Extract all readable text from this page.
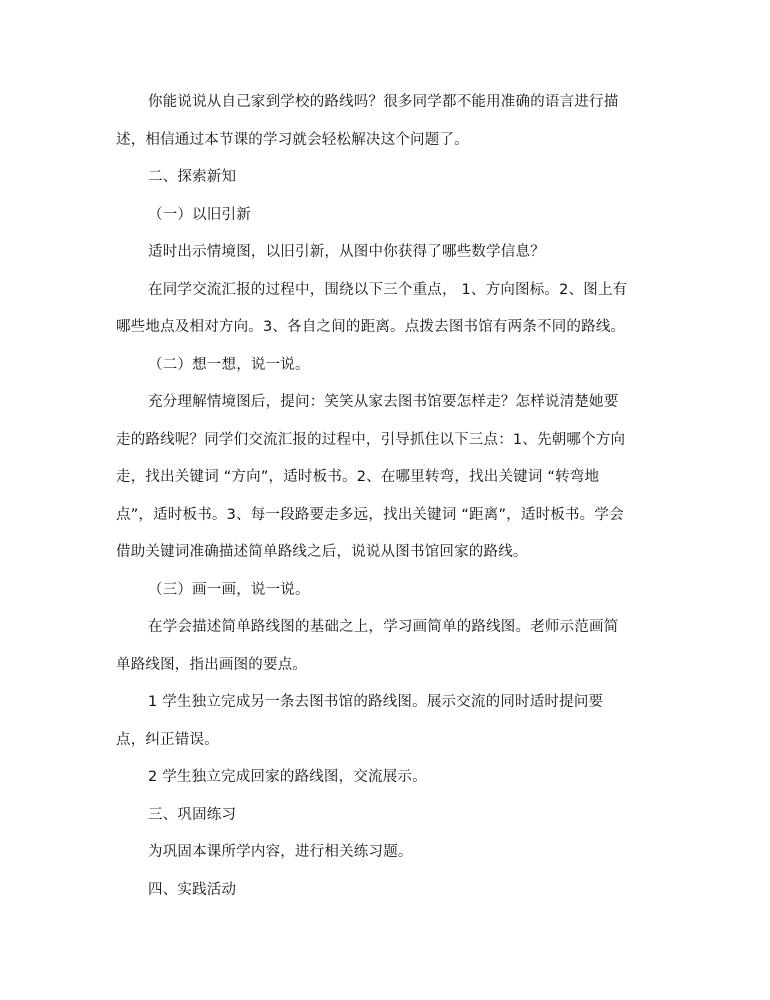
你能说说从自己家到学校的路线吗？很多同学都不能用准确的语言进行描
述，相信通过本节课的学习就会轻松解决这个问题了。
二、探索新知
（一）以旧引新
适时出示情境图，以旧引新，从图中你获得了哪些数学信息？
在同学交流汇报的过程中，围绕以下三个重点， 1、方向图标。2、图上有
哪些地点及相对方向。3、各自之间的距离。点拨去图书馆有两条不同的路线。
（二）想一想，说一说。
充分理解情境图后，提问：笑笑从家去图书馆要怎样走？怎样说清楚她要
走的路线呢？同学们交流汇报的过程中，引导抓住以下三点：1、先朝哪个方向
走，找出关键词 “方向”，适时板书。2、在哪里转弯，找出关键词 “转弯地
点”，适时板书。3、每一段路要走多远，找出关键词 “距离”，适时板书。学会
借助关键词准确描述简单路线之后，说说从图书馆回家的路线。
（三）画一画，说一说。
在学会描述简单路线图的基础之上，学习画简单的路线图。老师示范画简
单路线图，指出画图的要点。
1 学生独立完成另一条去图书馆的路线图。展示交流的同时适时提问要
点，纠正错误。
2 学生独立完成回家的路线图，交流展示。
三、巩固练习
为巩固本课所学内容，进行相关练习题。
四、实践活动
